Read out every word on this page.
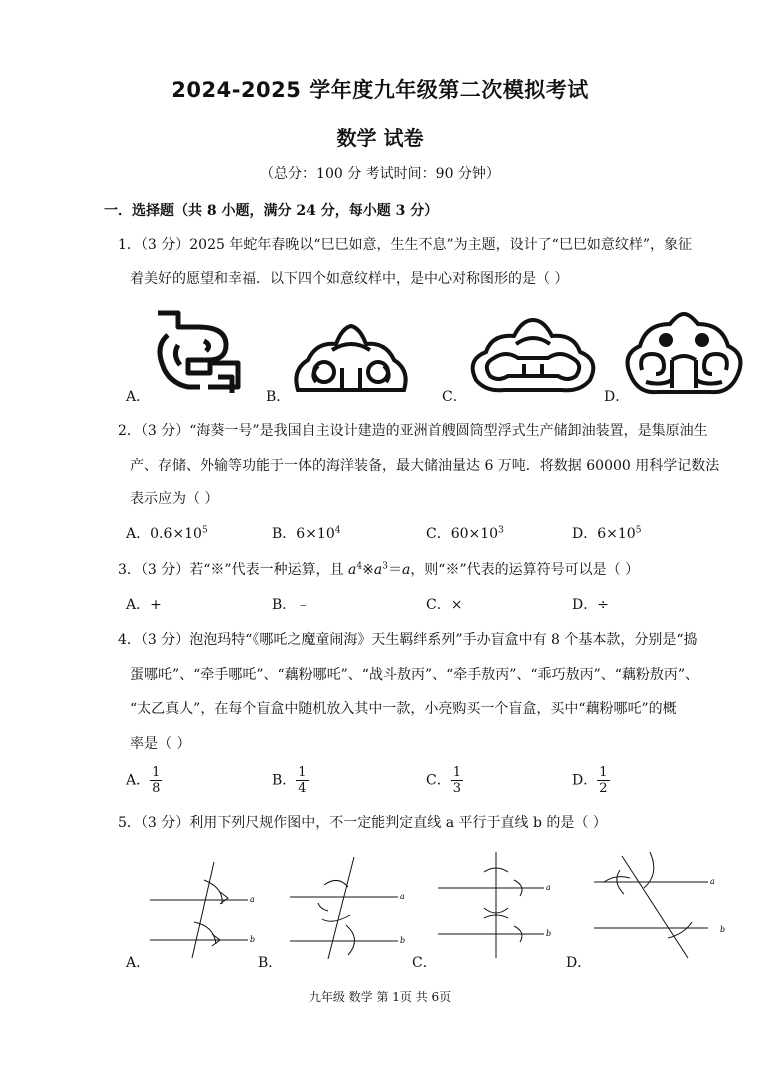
2024-2025 学年度九年级第二次模拟考试
数学 试卷
（总分：100 分 考试时间：90 分钟）
一．选择题（共 8 小题，满分 24 分，每小题 3 分）
1．（3 分）2025 年蛇年春晚以“巳巳如意，生生不息”为主题，设计了“巳巳如意纹样”，象征
着美好的愿望和幸福．以下四个如意纹样中，是中心对称图形的是（ ）
A．	B．	C．	D．
2．（3 分）“海葵一号”是我国自主设计建造的亚洲首艘圆筒型浮式生产储卸油装置，是集原油生
产、存储、外输等功能于一体的海洋装备，最大储油量达 6 万吨．将数据 60000 用科学记数法
表示应为（ ）
A．$0.6\times 10^5$	B．$6\times 10^4$	C．$60\times 10^3$	D．$6\times 10^5$
3．（3 分）若“※”代表一种运算，且 $a^4※a^3=a$，则“※”代表的运算符号可以是（ ）
A．+	B．﹣	C．×	D．÷
4．（3 分）泡泡玛特“《哪吒之魔童闹海》天生羁绊系列”手办盲盒中有 8 个基本款，分别是“捣
蛋哪吒”、“牵手哪吒”、“藕粉哪吒”、“战斗敖丙”、“牵手敖丙”、“乖巧敖丙”、“藕粉敖丙”、
“太乙真人”，在每个盲盒中随机放入其中一款，小亮购买一个盲盒，买中“藕粉哪吒”的概
率是（ ）
A． $\frac{1}{8}$	B． $\frac{1}{4}$	C． $\frac{1}{3}$	D． $\frac{1}{2}$
5．（3 分）利用下列尺规作图中，不一定能判定直线 a 平行于直线 b 的是（ ）
a
b
A．
a
b
B．
a
b
C．
a
b
D．
九年级 数学 第 1页 共 6页
